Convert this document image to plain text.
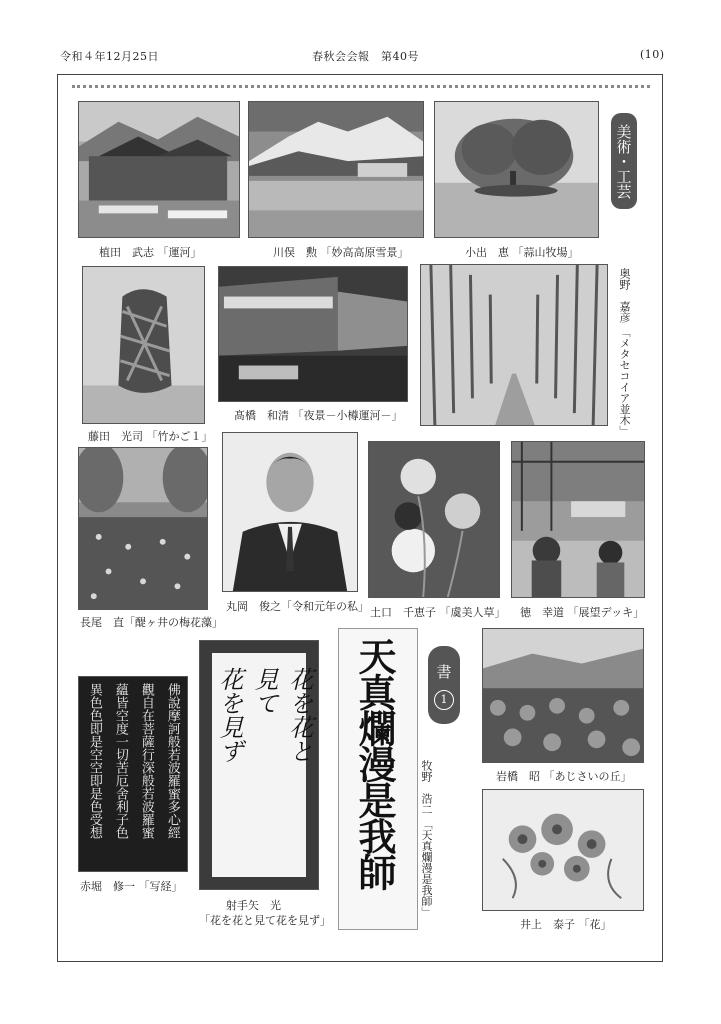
令和４年12月25日	春秋会会報　第40号	(10)
美術・工芸
植田　武志 「運河」	川俣　勲 「妙高高原雪景」	小出　恵 「蒜山牧場」
藤田　光司 「竹かご１」
髙橋　和清 「夜景－小樽運河－」	奥野　嘉彦 「メタセコイア並木」
長尾　直「醍ヶ井の梅花藻」
丸岡　俊之「令和元年の私」 土口　千恵子 「虞美人草」 徳　幸道 「展望デッキ」
佛說摩訶般若波羅蜜多心經
觀自在菩薩行深般若波羅蜜
蘊皆空度一切苦厄舍利子色
異色色即是空空即是色受想
赤堀　修一 「写経」
花を花と
見て
花を見ず
射手矢　光
「花を花と見て花を見ず」
天真爛漫是我師	書
1
牧野　浩二 「天真爛漫是我師」	岩橋　昭 「あじさいの丘」
井上　泰子 「花」
